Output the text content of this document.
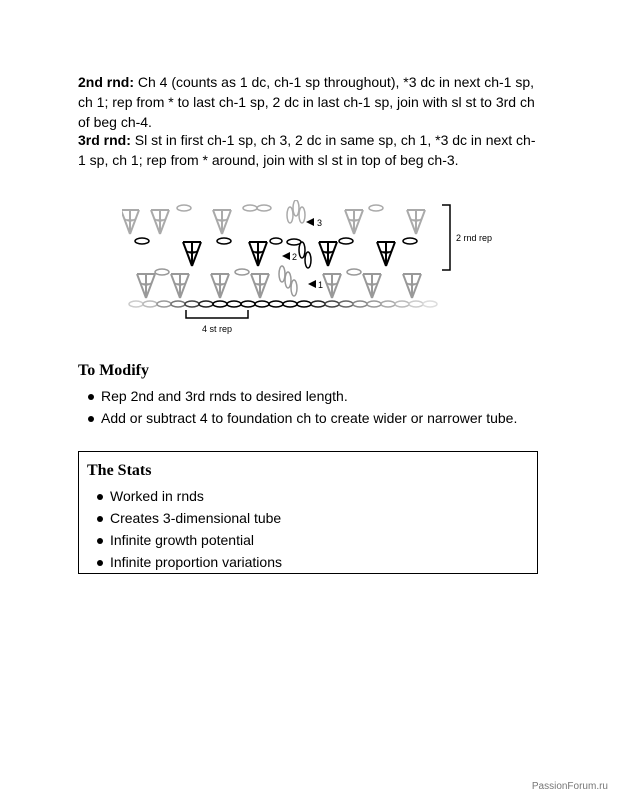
2nd rnd: Ch 4 (counts as 1 dc, ch-1 sp throughout), *3 dc in next ch-1 sp, ch 1; rep from * to last ch-1 sp, 2 dc in last ch-1 sp, join with sl st to 3rd ch of beg ch-4.
3rd rnd: Sl st in first ch-1 sp, ch 3, 2 dc in same sp, ch 1, *3 dc in next ch-1 sp, ch 1; rep from * around, join with sl st in top of beg ch-3.
3
2
1
2 rnd rep
4 st rep
To Modify
Rep 2nd and 3rd rnds to desired length.
Add or subtract 4 to foundation ch to create wider or narrower tube.
The Stats
Worked in rnds
Creates 3-dimensional tube
Infinite growth potential
Infinite proportion variations
PassionForum.ru
